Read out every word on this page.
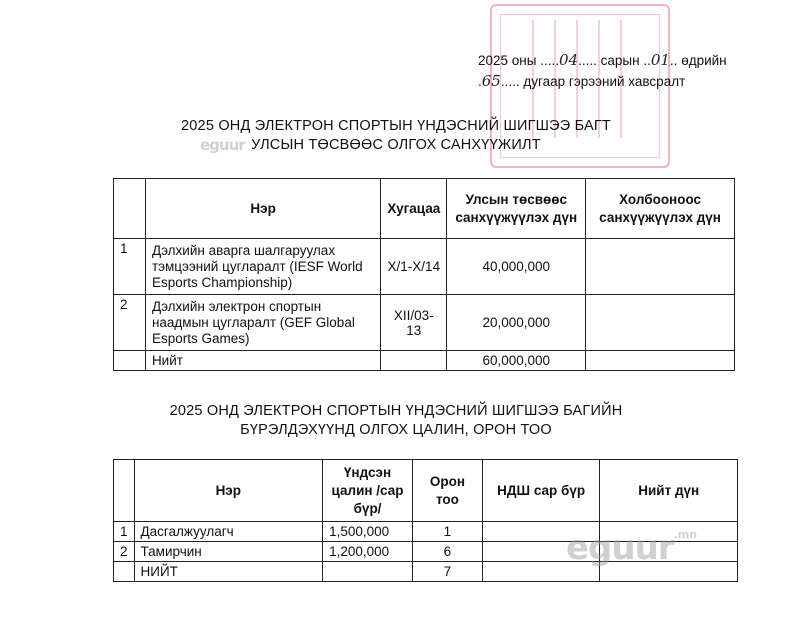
2025 оны .....04..... сарын ..01.. өдрийн
.65..... дугаар гэрээний хавсралт
2025 ОНД ЭЛЕКТРОН СПОРТЫН ҮНДЭСНИЙ ШИГШЭЭ БАГТ
УЛСЫН ТӨСВӨӨС ОЛГОХ САНХҮҮЖИЛТ
eguur
	Нэр	Хугацаа	Улсын төсвөөс санхүүжүүлэх дүн	Холбооноос санхүүжүүлэх дүн
1	Дэлхийн аварга шалгаруулах тэмцээний цугларалт (IESF World Esports Championship)	X/1-X/14	40,000,000	
2	Дэлхийн электрон спортын наадмын цугларалт (GEF Global Esports Games)	XII/03-13	20,000,000	
	Нийт		60,000,000	
2025 ОНД ЭЛЕКТРОН СПОРТЫН ҮНДЭСНИЙ ШИГШЭЭ БАГИЙН
БҮРЭЛДЭХҮҮНД ОЛГОХ ЦАЛИН, ОРОН ТОО
	Нэр	Үндсэн цалин /сар бүр/	Орон тоо	НДШ сар бүр	Нийт дүн
1	Дасгалжуулагч	1,500,000	1		
2	Тамирчин	1,200,000	6		
	НИЙТ		7		
eguur$^{.mn}$
